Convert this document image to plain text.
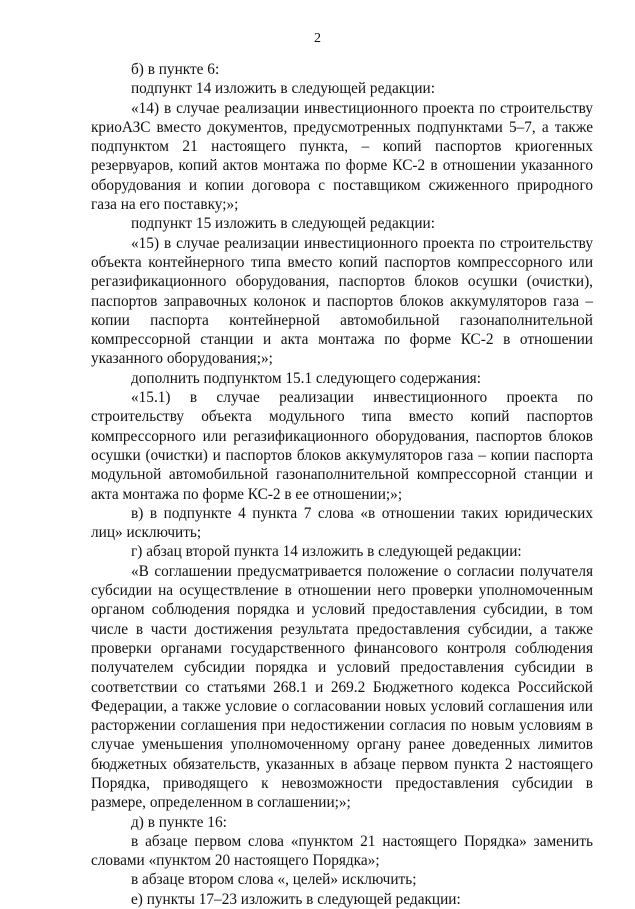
2

б) в пункте 6:

подпункт 14 изложить в следующей редакции:

«14) в случае реализации инвестиционного проекта по строительству криоАЗС вместо документов, предусмотренных подпунктами 5–7, а также подпунктом 21 настоящего пункта, – копий паспортов криогенных резервуаров, копий актов монтажа по форме КС-2 в отношении указанного оборудования и копии договора с поставщиком сжиженного природного газа на его поставку;»;

подпункт 15 изложить в следующей редакции:

«15) в случае реализации инвестиционного проекта по строительству объекта контейнерного типа вместо копий паспортов компрессорного или регазификационного оборудования, паспортов блоков осушки (очистки), паспортов заправочных колонок и паспортов блоков аккумуляторов газа – копии паспорта контейнерной автомобильной газонаполнительной компрессорной станции и акта монтажа по форме КС-2 в отношении указанного оборудования;»;

дополнить подпунктом 15.1 следующего содержания:

«15.1) в случае реализации инвестиционного проекта по строительству объекта модульного типа вместо копий паспортов компрессорного или регазификационного оборудования, паспортов блоков осушки (очистки) и паспортов блоков аккумуляторов газа – копии паспорта модульной автомобильной газонаполнительной компрессорной станции и акта монтажа по форме КС-2 в ее отношении;»;

в) в подпункте 4 пункта 7 слова «в отношении таких юридических лиц» исключить;

г) абзац второй пункта 14 изложить в следующей редакции:

«В соглашении предусматривается положение о согласии получателя субсидии на осуществление в отношении него проверки уполномоченным органом соблюдения порядка и условий предоставления субсидии, в том числе в части достижения результата предоставления субсидии, а также проверки органами государственного финансового контроля соблюдения получателем субсидии порядка и условий предоставления субсидии в соответствии со статьями 268.1 и 269.2 Бюджетного кодекса Российской Федерации, а также условие о согласовании новых условий соглашения или расторжении соглашения при недостижении согласия по новым условиям в случае уменьшения уполномоченному органу ранее доведенных лимитов бюджетных обязательств, указанных в абзаце первом пункта 2 настоящего Порядка, приводящего к невозможности предоставления субсидии в размере, определенном в соглашении;»;

д) в пункте 16:

в абзаце первом слова «пунктом 21 настоящего Порядка» заменить словами «пунктом 20 настоящего Порядка»;

в абзаце втором слова «, целей» исключить;

е) пункты 17–23 изложить в следующей редакции:
